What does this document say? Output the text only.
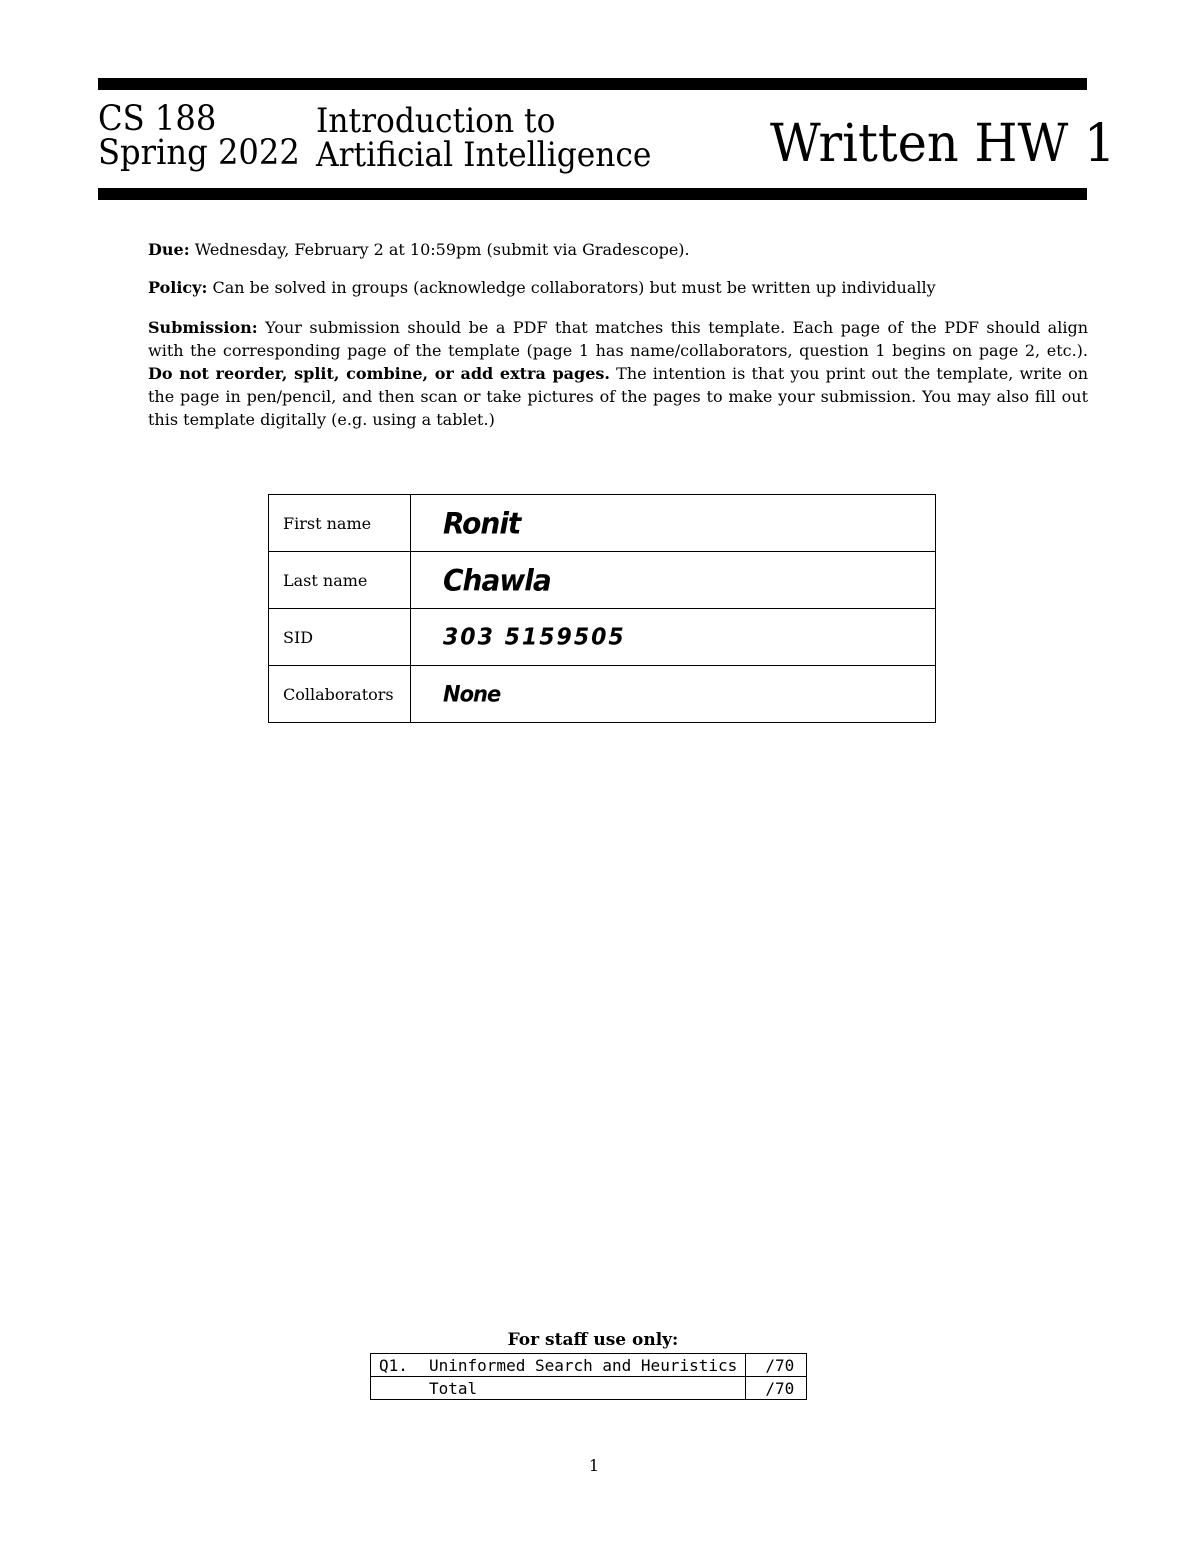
CS 188
Spring 2022
Introduction to
Artificial Intelligence Written HW 1
Due: Wednesday, February 2 at 10:59pm (submit via Gradescope).
Policy: Can be solved in groups (acknowledge collaborators) but must be written up individually
Submission: Your submission should be a PDF that matches this template. Each page of the PDF should align with the corresponding page of the template (page 1 has name/collaborators, question 1 begins on page 2, etc.). Do not reorder, split, combine, or add extra pages. The intention is that you print out the template, write on the page in pen/pencil, and then scan or take pictures of the pages to make your submission. You may also fill out this template digitally (e.g. using a tablet.)
First name	Ronit
Last name	Chawla
SID	303 5159505
Collaborators	None
For staff use only:
Q1. Uninformed Search and Heuristics	/70
Total	/70
1
